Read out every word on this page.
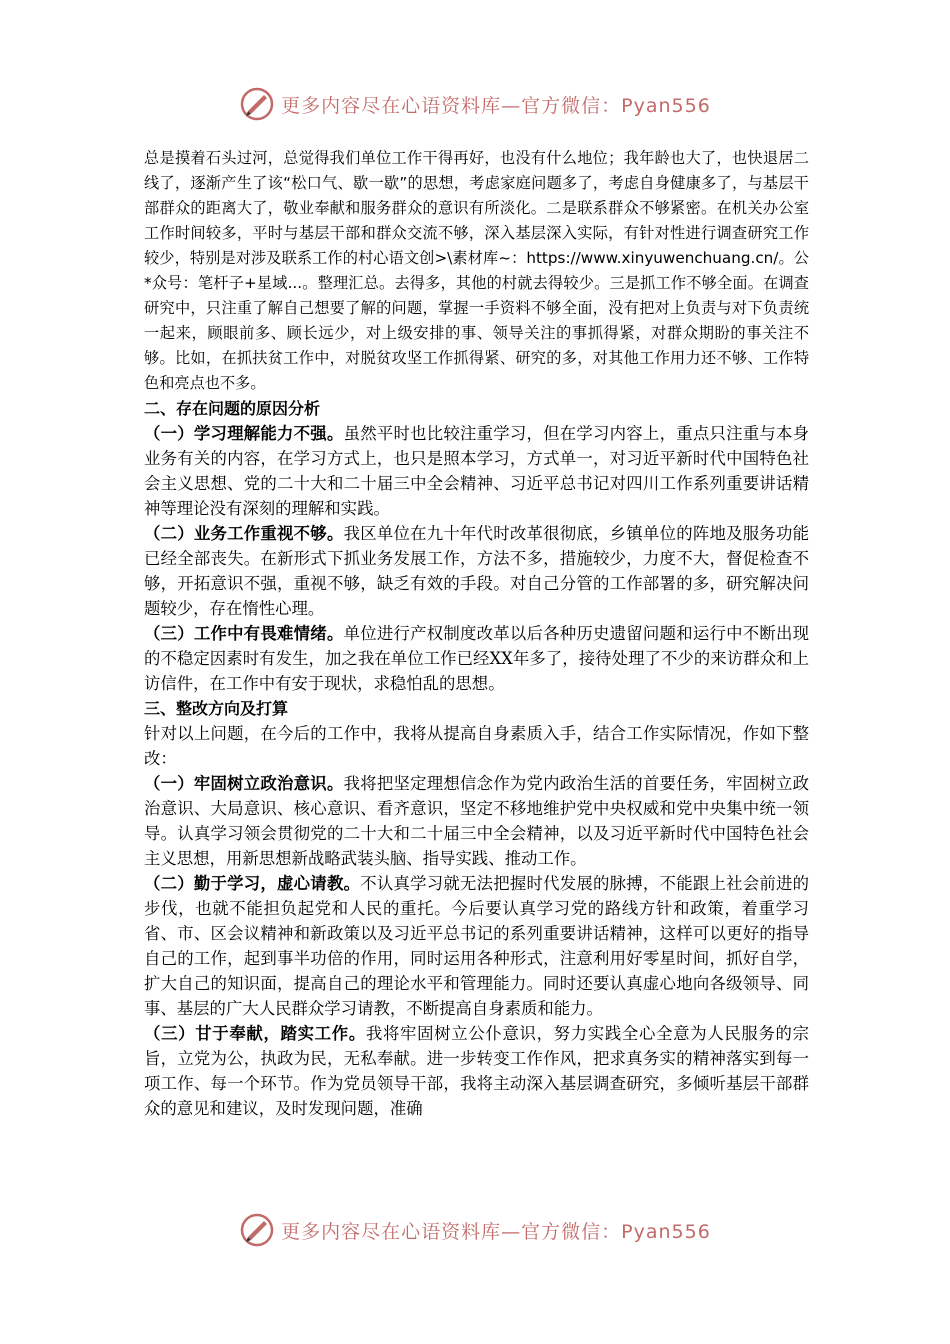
更多内容尽在心语资料库—官方微信：Pyan556

总是摸着石头过河，总觉得我们单位工作干得再好，也没有什么地位；我年龄也大了，也快退居二线了，逐渐产生了该“松口气、歇一歇”的思想，考虑家庭问题多了，考虑自身健康多了，与基层干部群众的距离大了，敬业奉献和服务群众的意识有所淡化。二是联系群众不够紧密。在机关办公室工作时间较多，平时与基层干部和群众交流不够，深入基层深入实际，有针对性进行调查研究工作较少，特别是对涉及联系工作的村心语文创>\素材库~：https://www.xinyuwenchuang.cn/。公*众号：笔杆子+星域...。整理汇总。去得多，其他的村就去得较少。三是抓工作不够全面。在调查研究中，只注重了解自己想要了解的问题，掌握一手资料不够全面，没有把对上负责与对下负责统一起来，顾眼前多、顾长远少，对上级安排的事、领导关注的事抓得紧，对群众期盼的事关注不够。比如，在抓扶贫工作中，对脱贫攻坚工作抓得紧、研究的多，对其他工作用力还不够、工作特色和亮点也不多。

二、存在问题的原因分析

（一）学习理解能力不强。虽然平时也比较注重学习，但在学习内容上，重点只注重与本身业务有关的内容，在学习方式上，也只是照本学习，方式单一，对习近平新时代中国特色社会主义思想、党的二十大和二十届三中全会精神、习近平总书记对四川工作系列重要讲话精神等理论没有深刻的理解和实践。

（二）业务工作重视不够。我区单位在九十年代时改革很彻底，乡镇单位的阵地及服务功能已经全部丧失。在新形式下抓业务发展工作，方法不多，措施较少，力度不大，督促检查不够，开拓意识不强，重视不够，缺乏有效的手段。对自己分管的工作部署的多，研究解决问题较少，存在惰性心理。

（三）工作中有畏难情绪。单位进行产权制度改革以后各种历史遗留问题和运行中不断出现的不稳定因素时有发生，加之我在单位工作已经XX年多了，接待处理了不少的来访群众和上访信件，在工作中有安于现状，求稳怕乱的思想。

三、整改方向及打算

针对以上问题，在今后的工作中，我将从提高自身素质入手，结合工作实际情况，作如下整改：

（一）牢固树立政治意识。我将把坚定理想信念作为党内政治生活的首要任务，牢固树立政治意识、大局意识、核心意识、看齐意识，坚定不移地维护党中央权威和党中央集中统一领导。认真学习领会贯彻党的二十大和二十届三中全会精神，以及习近平新时代中国特色社会主义思想，用新思想新战略武装头脑、指导实践、推动工作。

（二）勤于学习，虚心请教。不认真学习就无法把握时代发展的脉搏，不能跟上社会前进的步伐，也就不能担负起党和人民的重托。今后要认真学习党的路线方针和政策，着重学习省、市、区会议精神和新政策以及习近平总书记的系列重要讲话精神，这样可以更好的指导自己的工作，起到事半功倍的作用，同时运用各种形式，注意利用好零星时间，抓好自学，扩大自己的知识面，提高自己的理论水平和管理能力。同时还要认真虚心地向各级领导、同事、基层的广大人民群众学习请教，不断提高自身素质和能力。

（三）甘于奉献，踏实工作。我将牢固树立公仆意识，努力实践全心全意为人民服务的宗旨，立党为公，执政为民，无私奉献。进一步转变工作作风，把求真务实的精神落实到每一项工作、每一个环节。作为党员领导干部，我将主动深入基层调查研究，多倾听基层干部群众的意见和建议，及时发现问题，准确

更多内容尽在心语资料库—官方微信：Pyan556
